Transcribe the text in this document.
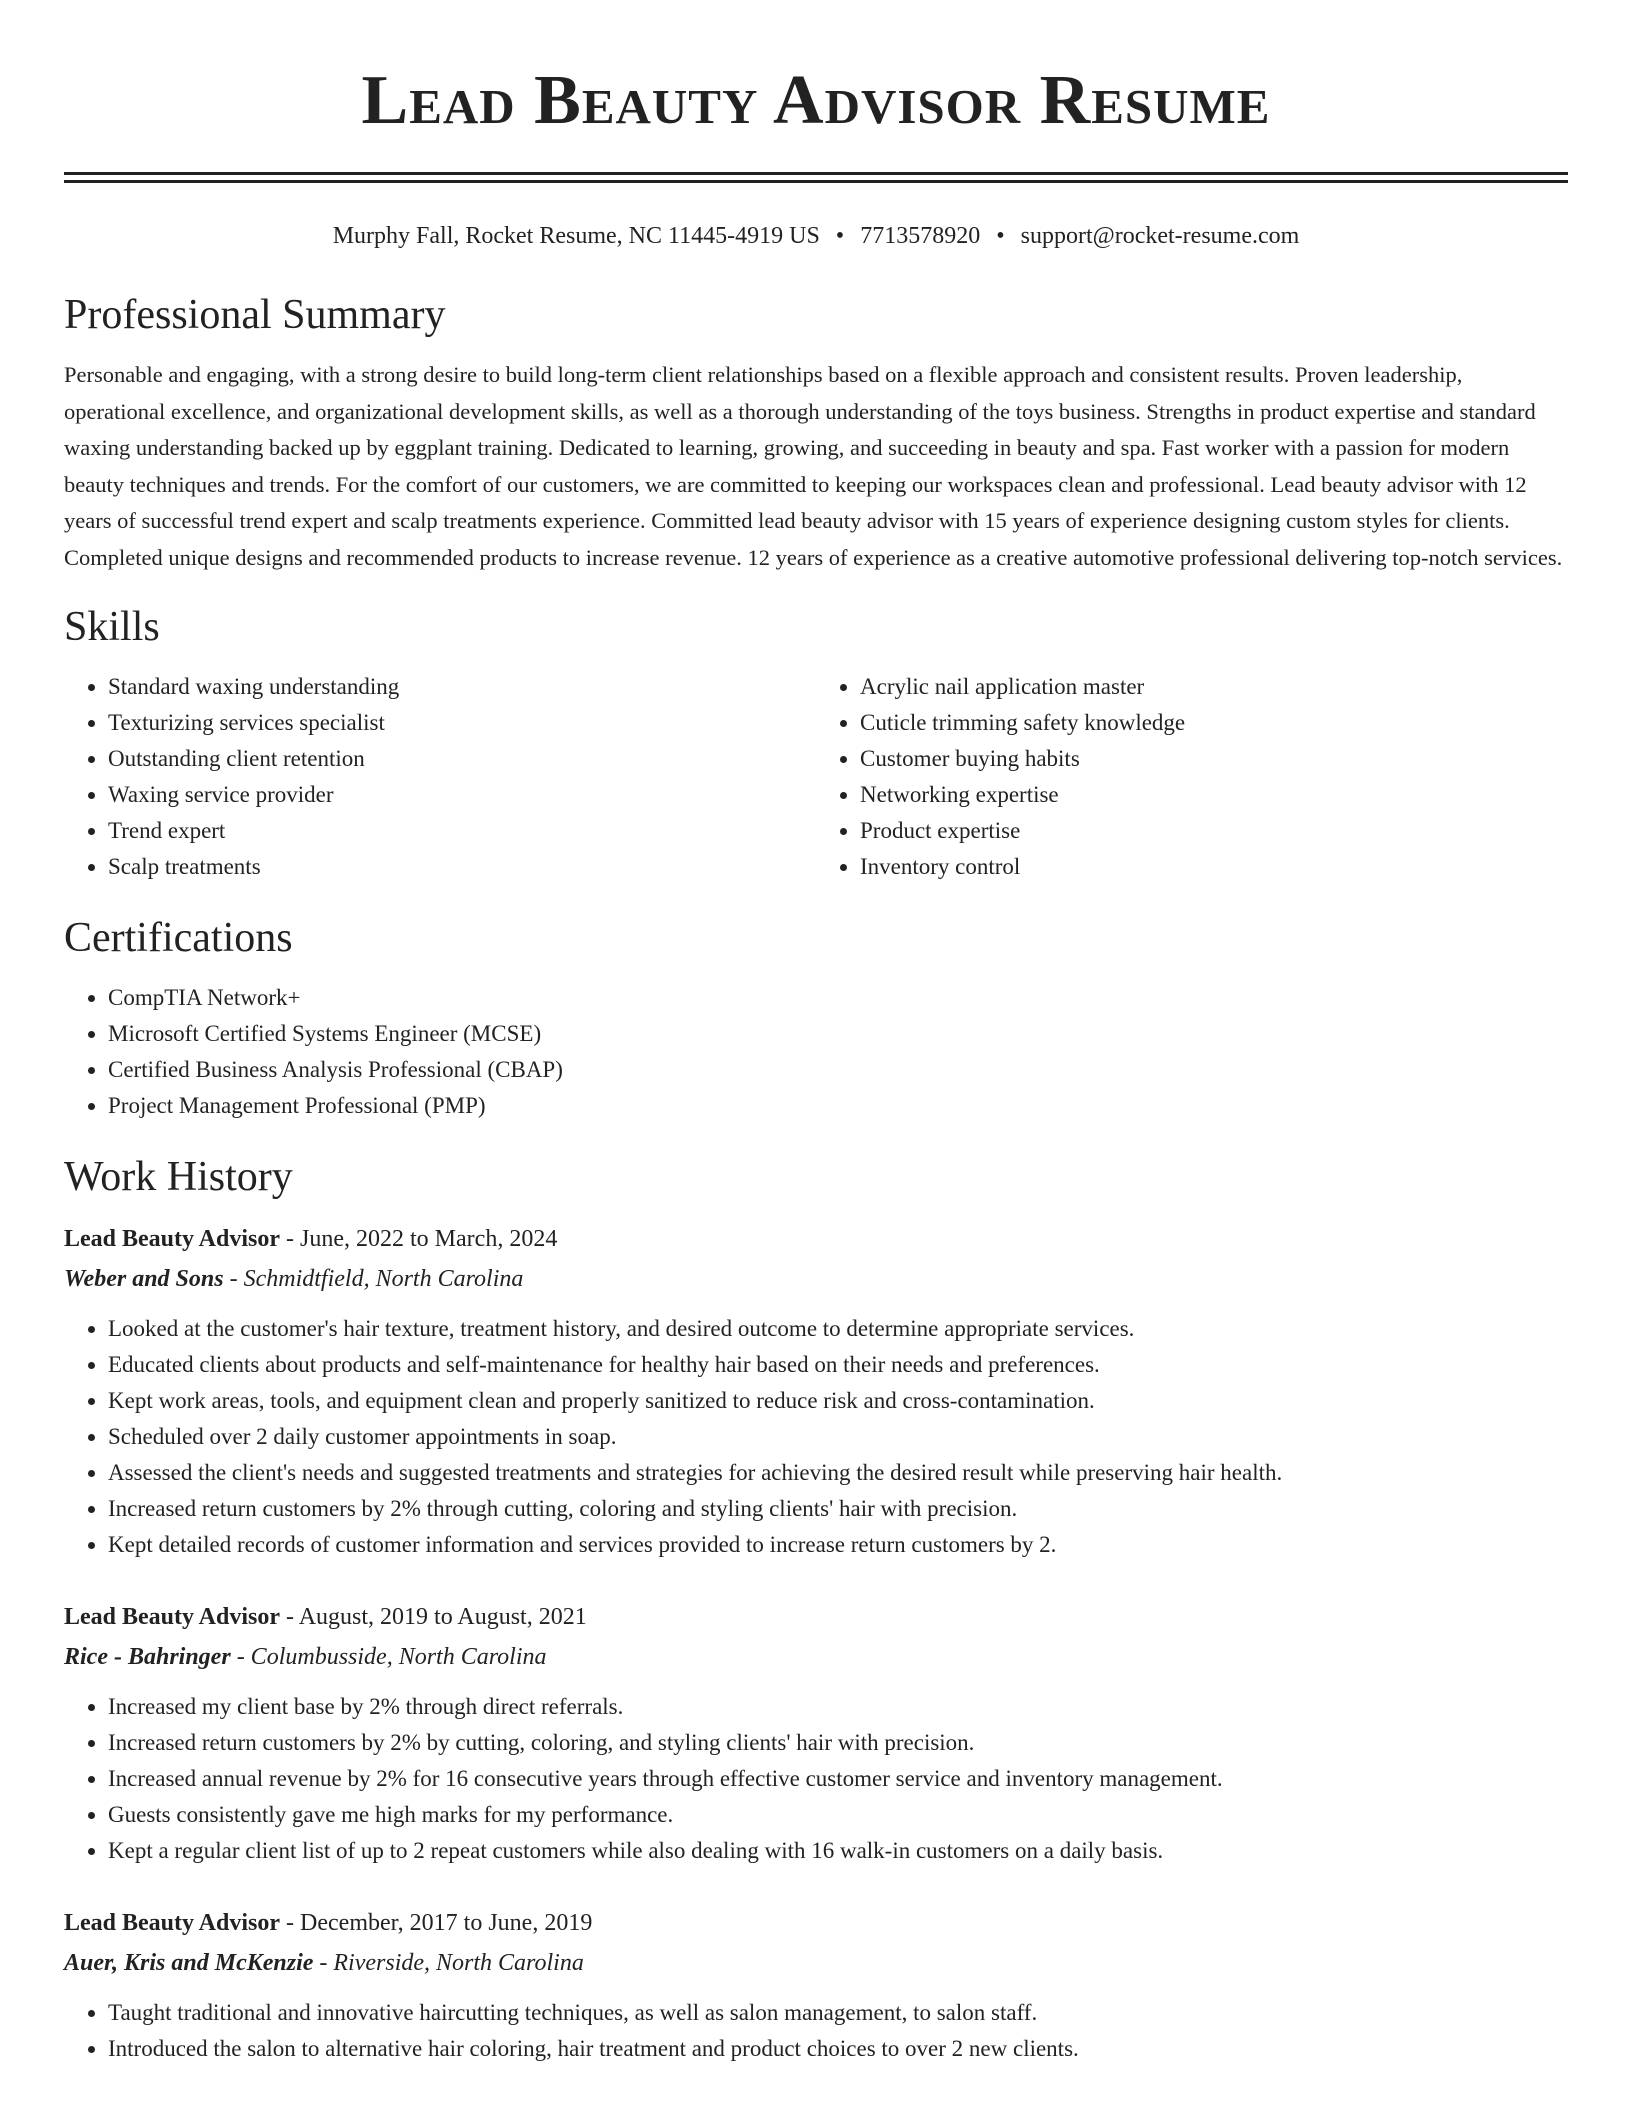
Lead Beauty Advisor Resume
Murphy Fall, Rocket Resume, NC 11445-4919 US • 7713578920 • support@rocket-resume.com
Professional Summary

Personable and engaging, with a strong desire to build long-term client relationships based on a flexible approach and consistent results. Proven leadership, operational excellence, and organizational development skills, as well as a thorough understanding of the toys business. Strengths in product expertise and standard waxing understanding backed up by eggplant training. Dedicated to learning, growing, and succeeding in beauty and spa. Fast worker with a passion for modern beauty techniques and trends. For the comfort of our customers, we are committed to keeping our workspaces clean and professional. Lead beauty advisor with 12 years of successful trend expert and scalp treatments experience. Committed lead beauty advisor with 15 years of experience designing custom styles for clients. Completed unique designs and recommended products to increase revenue. 12 years of experience as a creative automotive professional delivering top-notch services.

Skills
• Standard waxing understanding
• Texturizing services specialist
• Outstanding client retention
• Waxing service provider
• Trend expert
• Scalp treatments
• Acrylic nail application master
• Cuticle trimming safety knowledge
• Customer buying habits
• Networking expertise
• Product expertise
• Inventory control
Certifications
• CompTIA Network+
• Microsoft Certified Systems Engineer (MCSE)
• Certified Business Analysis Professional (CBAP)
• Project Management Professional (PMP)
Work History
Lead Beauty Advisor - June, 2022 to March, 2024
Weber and Sons - Schmidtfield, North Carolina
• Looked at the customer's hair texture, treatment history, and desired outcome to determine appropriate services.
• Educated clients about products and self-maintenance for healthy hair based on their needs and preferences.
• Kept work areas, tools, and equipment clean and properly sanitized to reduce risk and cross-contamination.
• Scheduled over 2 daily customer appointments in soap.
• Assessed the client's needs and suggested treatments and strategies for achieving the desired result while preserving hair health.
• Increased return customers by 2% through cutting, coloring and styling clients' hair with precision.
• Kept detailed records of customer information and services provided to increase return customers by 2.
Lead Beauty Advisor - August, 2019 to August, 2021
Rice - Bahringer - Columbusside, North Carolina
• Increased my client base by 2% through direct referrals.
• Increased return customers by 2% by cutting, coloring, and styling clients' hair with precision.
• Increased annual revenue by 2% for 16 consecutive years through effective customer service and inventory management.
• Guests consistently gave me high marks for my performance.
• Kept a regular client list of up to 2 repeat customers while also dealing with 16 walk-in customers on a daily basis.
Lead Beauty Advisor - December, 2017 to June, 2019
Auer, Kris and McKenzie - Riverside, North Carolina
• Taught traditional and innovative haircutting techniques, as well as salon management, to salon staff.
• Introduced the salon to alternative hair coloring, hair treatment and product choices to over 2 new clients.
